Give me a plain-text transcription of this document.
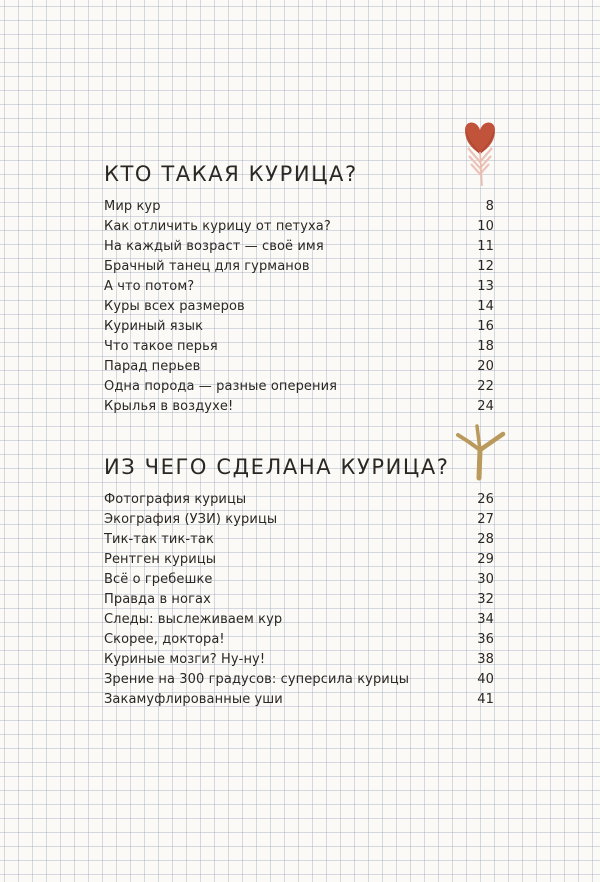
КТО ТАКАЯ КУРИЦА?
Мир кур	8
Как отличить курицу от петуха?	10
На каждый возраст — своё имя	11
Брачный танец для гурманов	12
А что потом?	13
Куры всех размеров	14
Куриный язык	16
Что такое перья	18
Парад перьев	20
Одна порода — разные оперения	22
Крылья в воздухе!	24
ИЗ ЧЕГО СДЕЛАНА КУРИЦА?
Фотография курицы	26
Экография (УЗИ) курицы	27
Тик-так тик-так	28
Рентген курицы	29
Всё о гребешке	30
Правда в ногах	32
Следы: выслеживаем кур	34
Скорее, доктора!	36
Куриные мозги? Ну-ну!	38
Зрение на 300 градусов: суперсила курицы	40
Закамуфлированные уши	41
